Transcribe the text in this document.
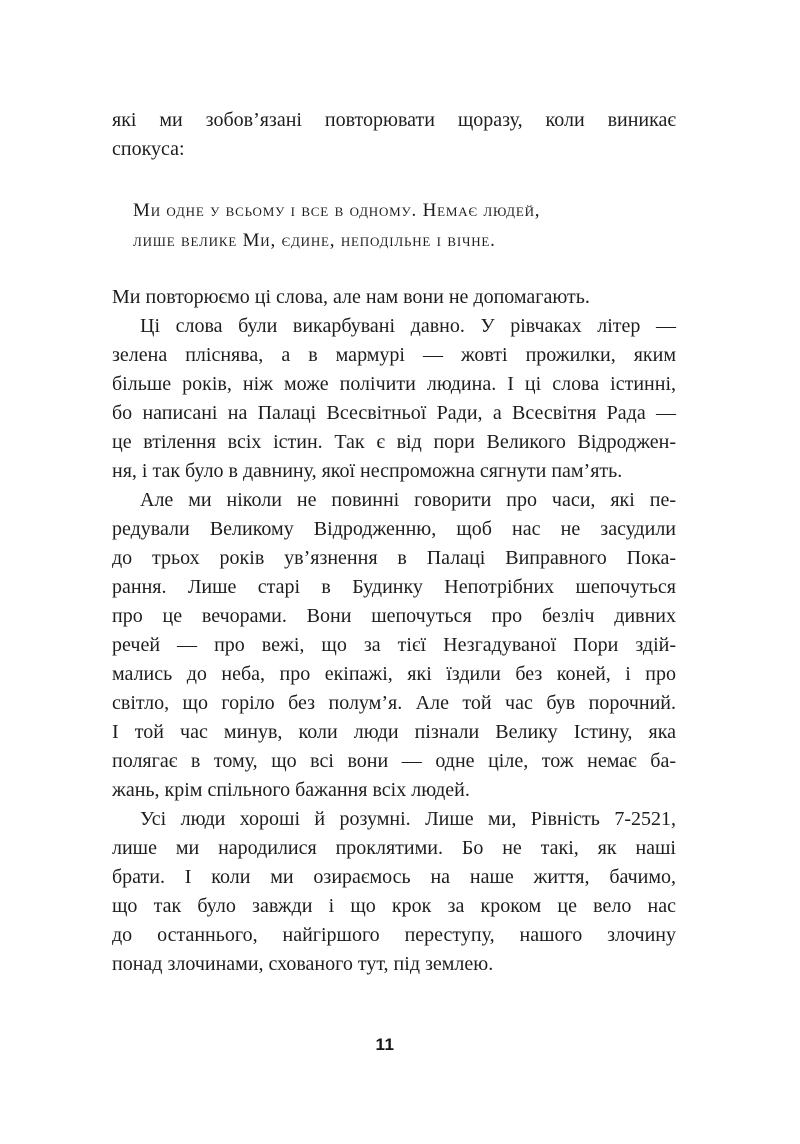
які ми зобов’язані повторювати щоразу, коли виникає
спокуса:
Ми одне у всьому і все в одному. Немає людей,
лише велике Ми, єдине, неподільне і вічне.
Ми повторюємо ці слова, але нам вони не допомагають.
Ці слова були викарбувані давно. У рівчаках літер —
зелена пліснява, а в мармурі — жовті прожилки, яким
більше років, ніж може полічити людина. І ці слова істинні,
бо написані на Палаці Всесвітньої Ради, а Всесвітня Рада —
це втілення всіх істин. Так є від пори Великого Відроджен-
ня, і так було в давнину, якої неспроможна сягнути пам’ять.
Але ми ніколи не повинні говорити про часи, які пе-
редували Великому Відродженню, щоб нас не засудили
до трьох років ув’язнення в Палаці Виправного Пока-
рання. Лише старі в Будинку Непотрібних шепочуться
про це вечорами. Вони шепочуться про безліч дивних
речей — про вежі, що за тієї Незгадуваної Пори здій-
мались до неба, про екіпажі, які їздили без коней, і про
світло, що горіло без полум’я. Але той час був порочний.
І той час минув, коли люди пізнали Велику Істину, яка
полягає в тому, що всі вони — одне ціле, тож немає ба-
жань, крім спільного бажання всіх людей.
Усі люди хороші й розумні. Лише ми, Рівність 7-2521,
лише ми народилися проклятими. Бо не такі, як наші
брати. І коли ми озираємось на наше життя, бачимо,
що так було завжди і що крок за кроком це вело нас
до останнього, найгіршого переступу, нашого злочину
понад злочинами, схованого тут, під землею.
11
